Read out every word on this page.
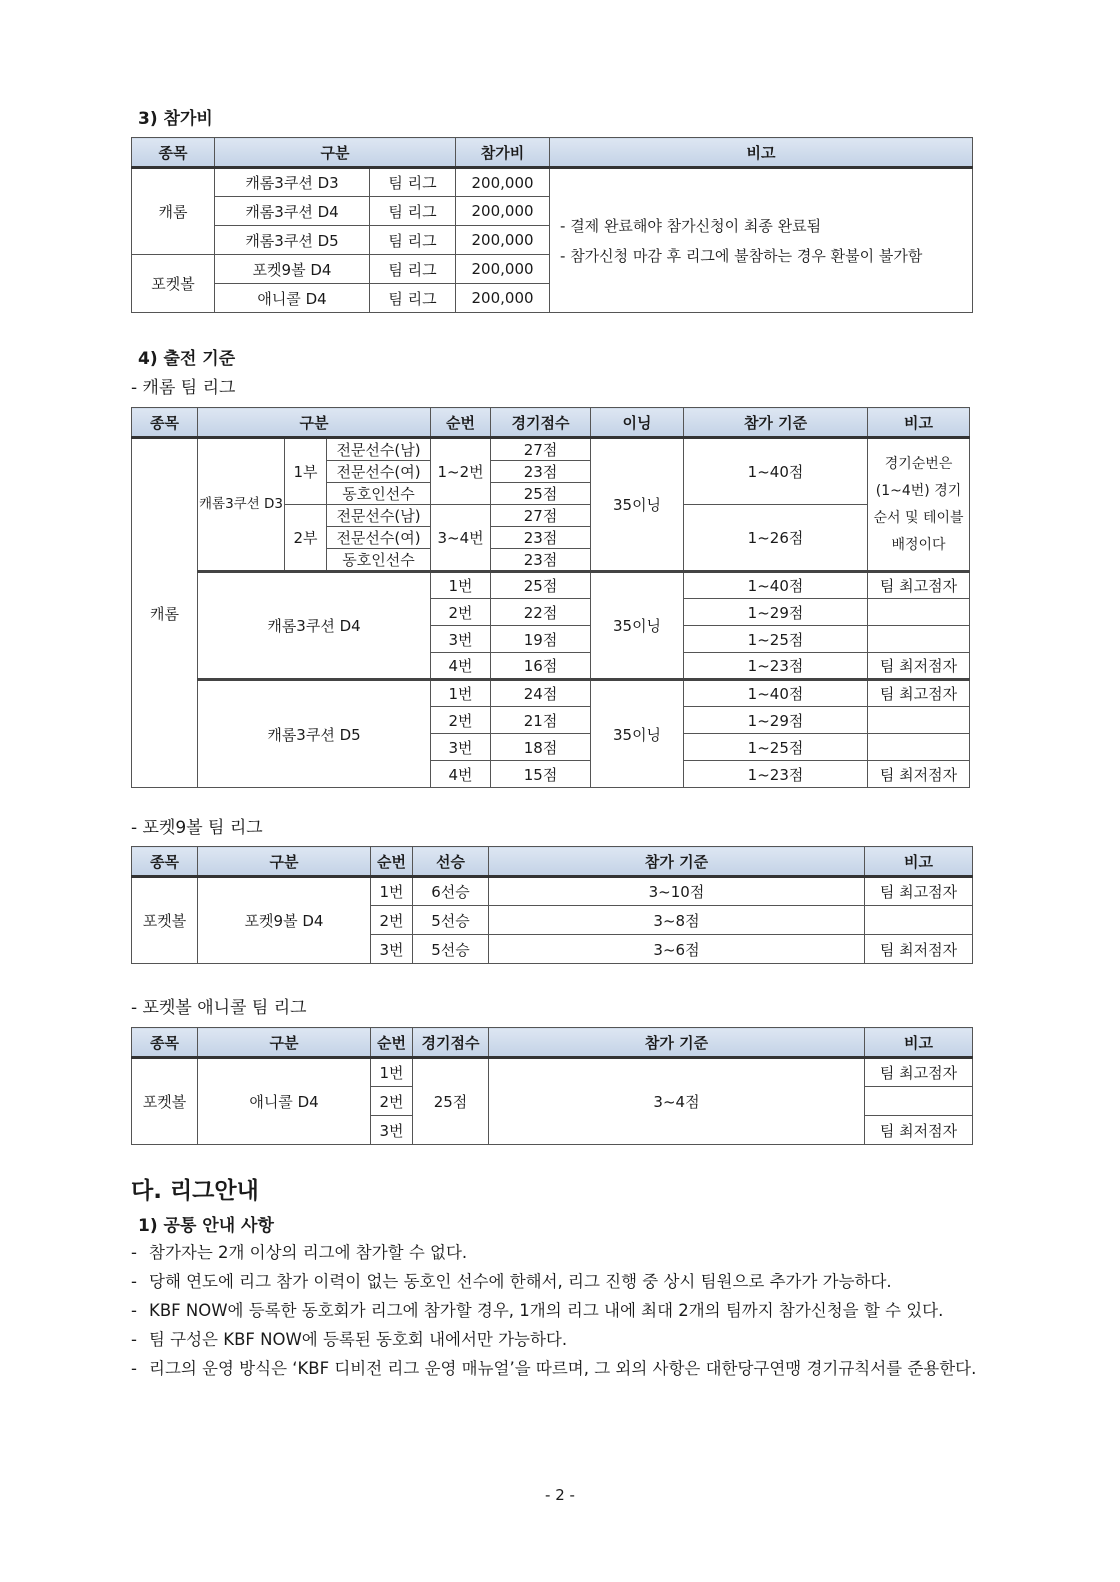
3) 참가비
종목	구분		참가비	비고
캐롬	캐롬3쿠션 D3	팀 리그	200,000	- 결제 완료해야 참가신청이 최종 완료됨
- 참가신청 마감 후 리그에 불참하는 경우 환불이 불가함

	캐롬3쿠션 D4	팀 리그	200,000	
	캐롬3쿠션 D5	팀 리그	200,000	
포켓볼	포켓9볼 D4	팀 리그	200,000	
	애니콜 D4	팀 리그	200,000	
4) 출전 기준
- 캐롬 팀 리그
종목	구분			순번	경기점수	이닝	참가 기준	비고
캐롬	캐롬3쿠션 D3	1부	전문선수(남)	1~2번	27점	35이닝	1~40점	경기순번은 (1~4번) 경기순서 및 테이블 배정이다
			전문선수(여)		23점			
			동호인선수		25점			
		2부	전문선수(남)	3~4번	27점		1~26점	
			전문선수(여)		23점			
			동호인선수		23점			
	캐롬3쿠션 D4			1번	25점	35이닝	1~40점	팀 최고점자
				2번	22점		1~29점	
				3번	19점		1~25점	
				4번	16점		1~23점	팀 최저점자
	캐롬3쿠션 D5			1번	24점	35이닝	1~40점	팀 최고점자
				2번	21점		1~29점	
				3번	18점		1~25점	
				4번	15점		1~23점	팀 최저점자
- 포켓9볼 팀 리그
종목	구분	순번	선승	참가 기준	비고
포켓볼	포켓9볼 D4	1번	6선승	3~10점	팀 최고점자
		2번	5선승	3~8점	
		3번	5선승	3~6점	팀 최저점자
- 포켓볼 애니콜 팀 리그
종목	구분	순번	경기점수	참가 기준	비고
포켓볼	애니콜 D4	1번	25점	3~4점	팀 최고점자
		2번			
		3번			팀 최저점자
다. 리그안내
1) 공통 안내 사항
- 참가자는 2개 이상의 리그에 참가할 수 없다.
- 당해 연도에 리그 참가 이력이 없는 동호인 선수에 한해서, 리그 진행 중 상시 팀원으로 추가가 가능하다.
- KBF NOW에 등록한 동호회가 리그에 참가할 경우, 1개의 리그 내에 최대 2개의 팀까지 참가신청을 할 수 있다.
- 팀 구성은 KBF NOW에 등록된 동호회 내에서만 가능하다.
- 리그의 운영 방식은 ‘KBF 디비전 리그 운영 매뉴얼’을 따르며, 그 외의 사항은 대한당구연맹 경기규칙서를 준용한다.
- 2 -
